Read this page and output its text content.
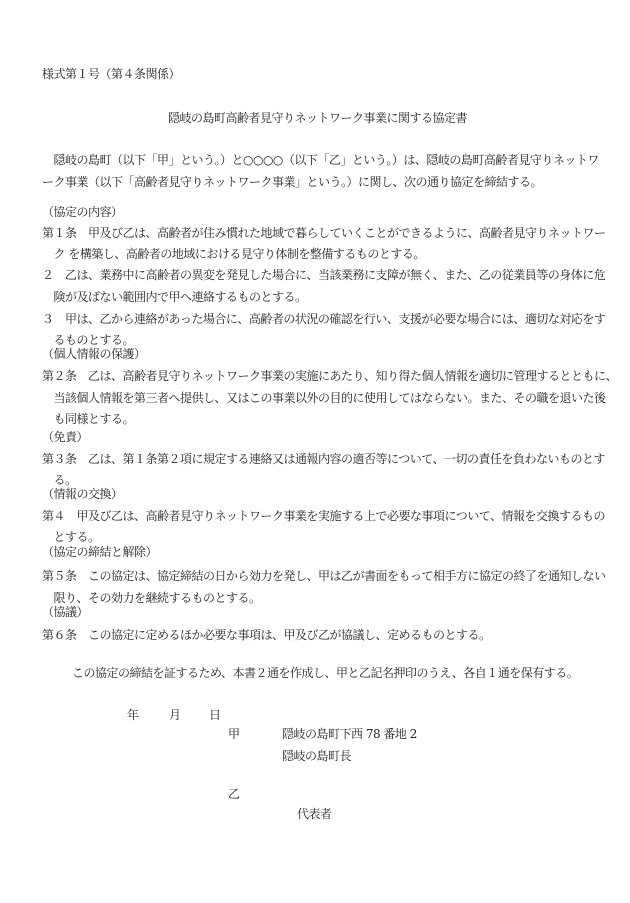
様式第１号（第４条関係）
隠岐の島町高齢者見守りネットワーク事業に関する協定書
　隠岐の島町（以下「甲」という。）と○○○○（以下「乙」という。）は、隠岐の島町高齢者見守りネットワ
ーク事業（以下「高齢者見守りネットワーク事業」という。）に関し、次の通り協定を締結する。
（協定の内容）
第１条　甲及び乙は、高齢者が住み慣れた地域で暮らしていくことができるように、高齢者見守りネットワー
　ク を構築し、高齢者の地域における見守り体制を整備するものとする。
２　乙は、業務中に高齢者の異変を発見した場合に、当該業務に支障が無く、また、乙の従業員等の身体に危
　険が及ばない範囲内で甲へ連絡するものとする。
３　甲は、乙から連絡があった場合に、高齢者の状況の確認を行い、支援が必要な場合には、適切な対応をす
　るものとする。
（個人情報の保護）
第２条　乙は、高齢者見守りネットワーク事業の実施にあたり、知り得た個人情報を適切に管理するとともに、
　当該個人情報を第三者へ提供し、又はこの事業以外の目的に使用してはならない。また、その職を退いた後
　も同様とする。
（免責）
第３条　乙は、第１条第２項に規定する連絡又は通報内容の適否等について、一切の責任を負わないものとす
　る。
（情報の交換）
第４　甲及び乙は、高齢者見守りネットワーク事業を実施する上で必要な事項について、情報を交換するもの
　とする。
（協定の締結と解除）
第５条　この協定は、協定締結の日から効力を発し、甲は乙が書面をもって相手方に協定の終了を通知しない
　限り、その効力を継続するものとする。
（協議）
第６条　この協定に定めるほか必要な事項は、甲及び乙が協議し、定めるものとする。
この協定の締結を証するため、本書２通を作成し、甲と乙記名押印のうえ、各自１通を保有する。
年	月 日
甲	隠岐の島町下西 78 番地 2
隠岐の島町長
乙
代表者
